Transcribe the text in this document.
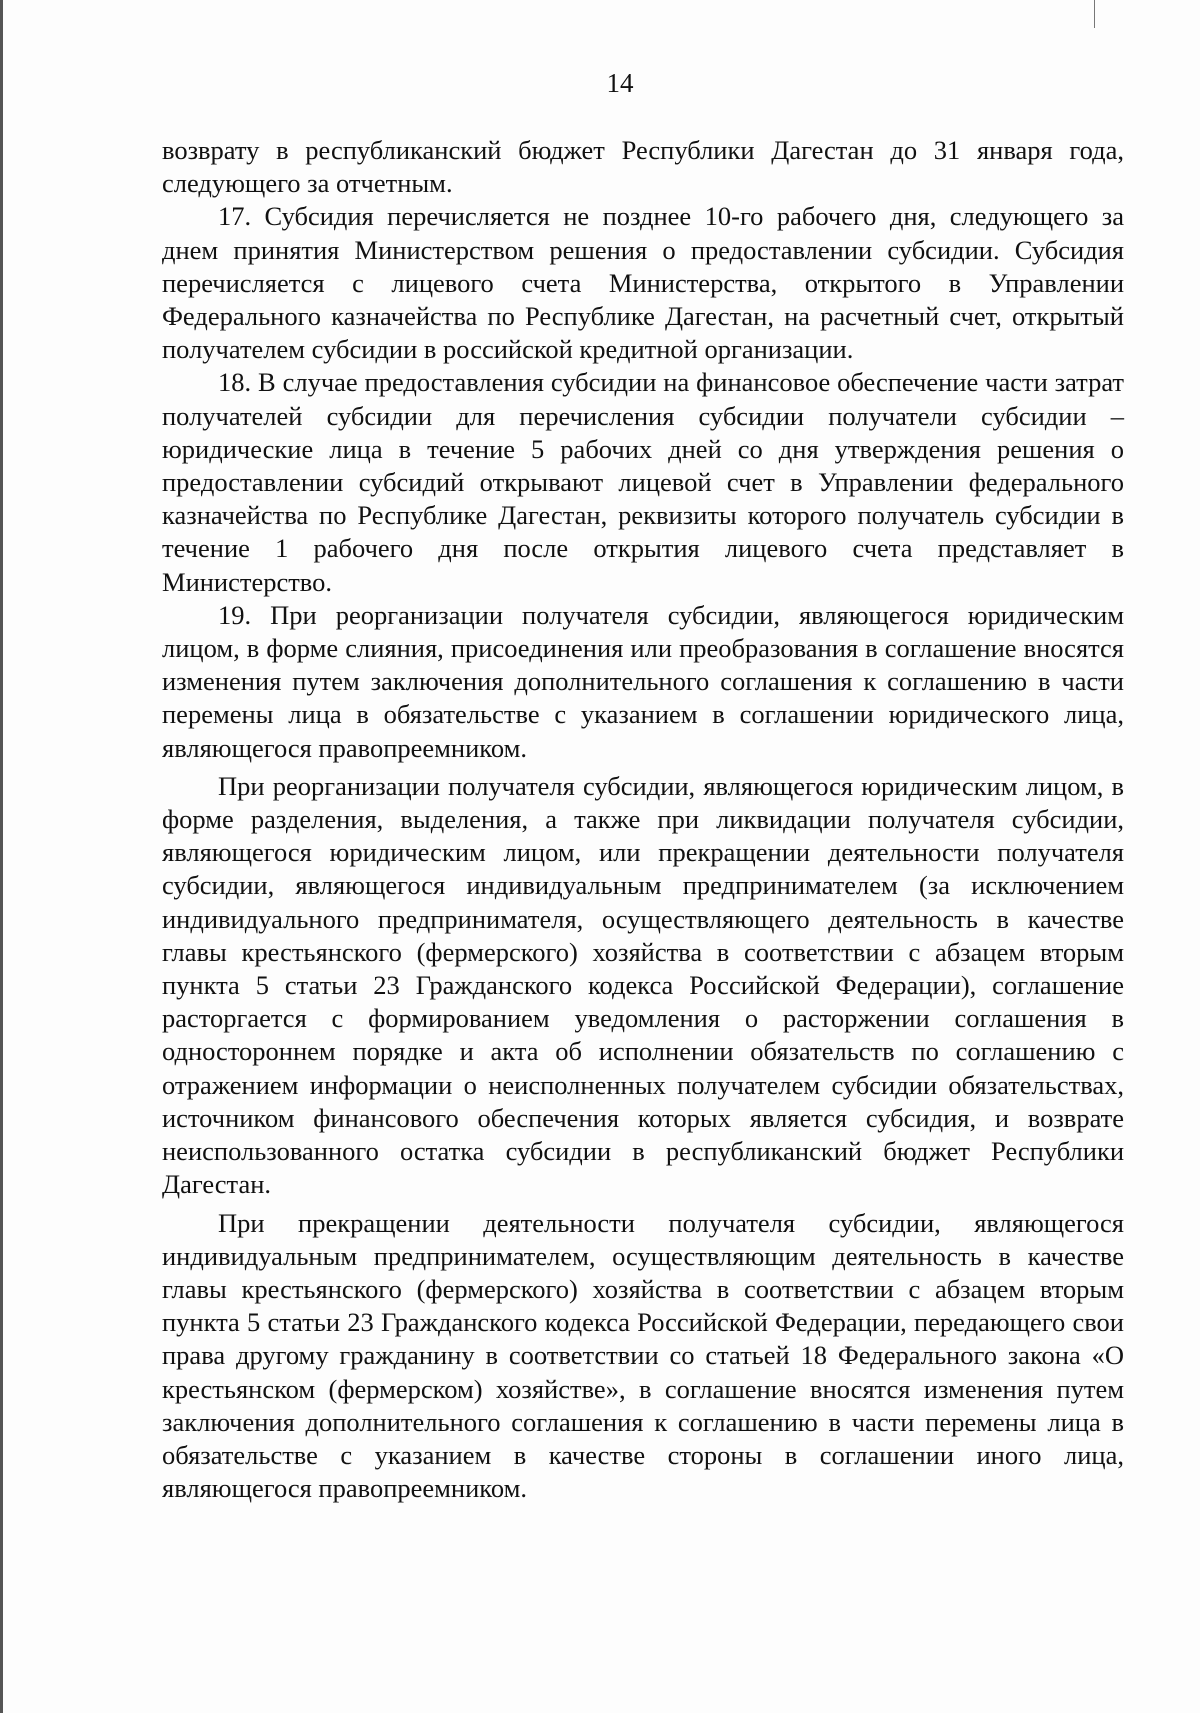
14

возврату в республиканский бюджет Республики Дагестан до 31 января года, следующего за отчетным.

17. Субсидия перечисляется не позднее 10-го рабочего дня, следующего за днем принятия Министерством решения о предоставлении субсидии. Субсидия перечисляется с лицевого счета Министерства, открытого в Управлении Федерального казначейства по Республике Дагестан, на расчетный счет, открытый получателем субсидии в российской кредитной организации.

18. В случае предоставления субсидии на финансовое обеспечение части затрат получателей субсидии для перечисления субсидии получатели субсидии – юридические лица в течение 5 рабочих дней со дня утверждения решения о предоставлении субсидий открывают лицевой счет в Управлении федерального казначейства по Республике Дагестан, реквизиты которого получатель субсидии в течение 1 рабочего дня после открытия лицевого счета представляет в Министерство.

19. При реорганизации получателя субсидии, являющегося юридическим лицом, в форме слияния, присоединения или преобразования в соглашение вносятся изменения путем заключения дополнительного соглашения к соглашению в части перемены лица в обязательстве с указанием в соглашении юридического лица, являющегося правопреемником.

При реорганизации получателя субсидии, являющегося юридическим лицом, в форме разделения, выделения, а также при ликвидации получателя субсидии, являющегося юридическим лицом, или прекращении деятельности получателя субсидии, являющегося индивидуальным предпринимателем (за исключением индивидуального предпринимателя, осуществляющего деятельность в качестве главы крестьянского (фермерского) хозяйства в соответствии с абзацем вторым пункта 5 статьи 23 Гражданского кодекса Российской Федерации), соглашение расторгается с формированием уведомления о расторжении соглашения в одностороннем порядке и акта об исполнении обязательств по соглашению с отражением информации о неисполненных получателем субсидии обязательствах, источником финансового обеспечения которых является субсидия, и возврате неиспользованного остатка субсидии в республиканский бюджет Республики Дагестан.

При прекращении деятельности получателя субсидии, являющегося индивидуальным предпринимателем, осуществляющим деятельность в качестве главы крестьянского (фермерского) хозяйства в соответствии с абзацем вторым пункта 5 статьи 23 Гражданского кодекса Российской Федерации, передающего свои права другому гражданину в соответствии со статьей 18 Федерального закона «О крестьянском (фермерском) хозяйстве», в соглашение вносятся изменения путем заключения дополнительного соглашения к соглашению в части перемены лица в обязательстве с указанием в качестве стороны в соглашении иного лица, являющегося правопреемником.
